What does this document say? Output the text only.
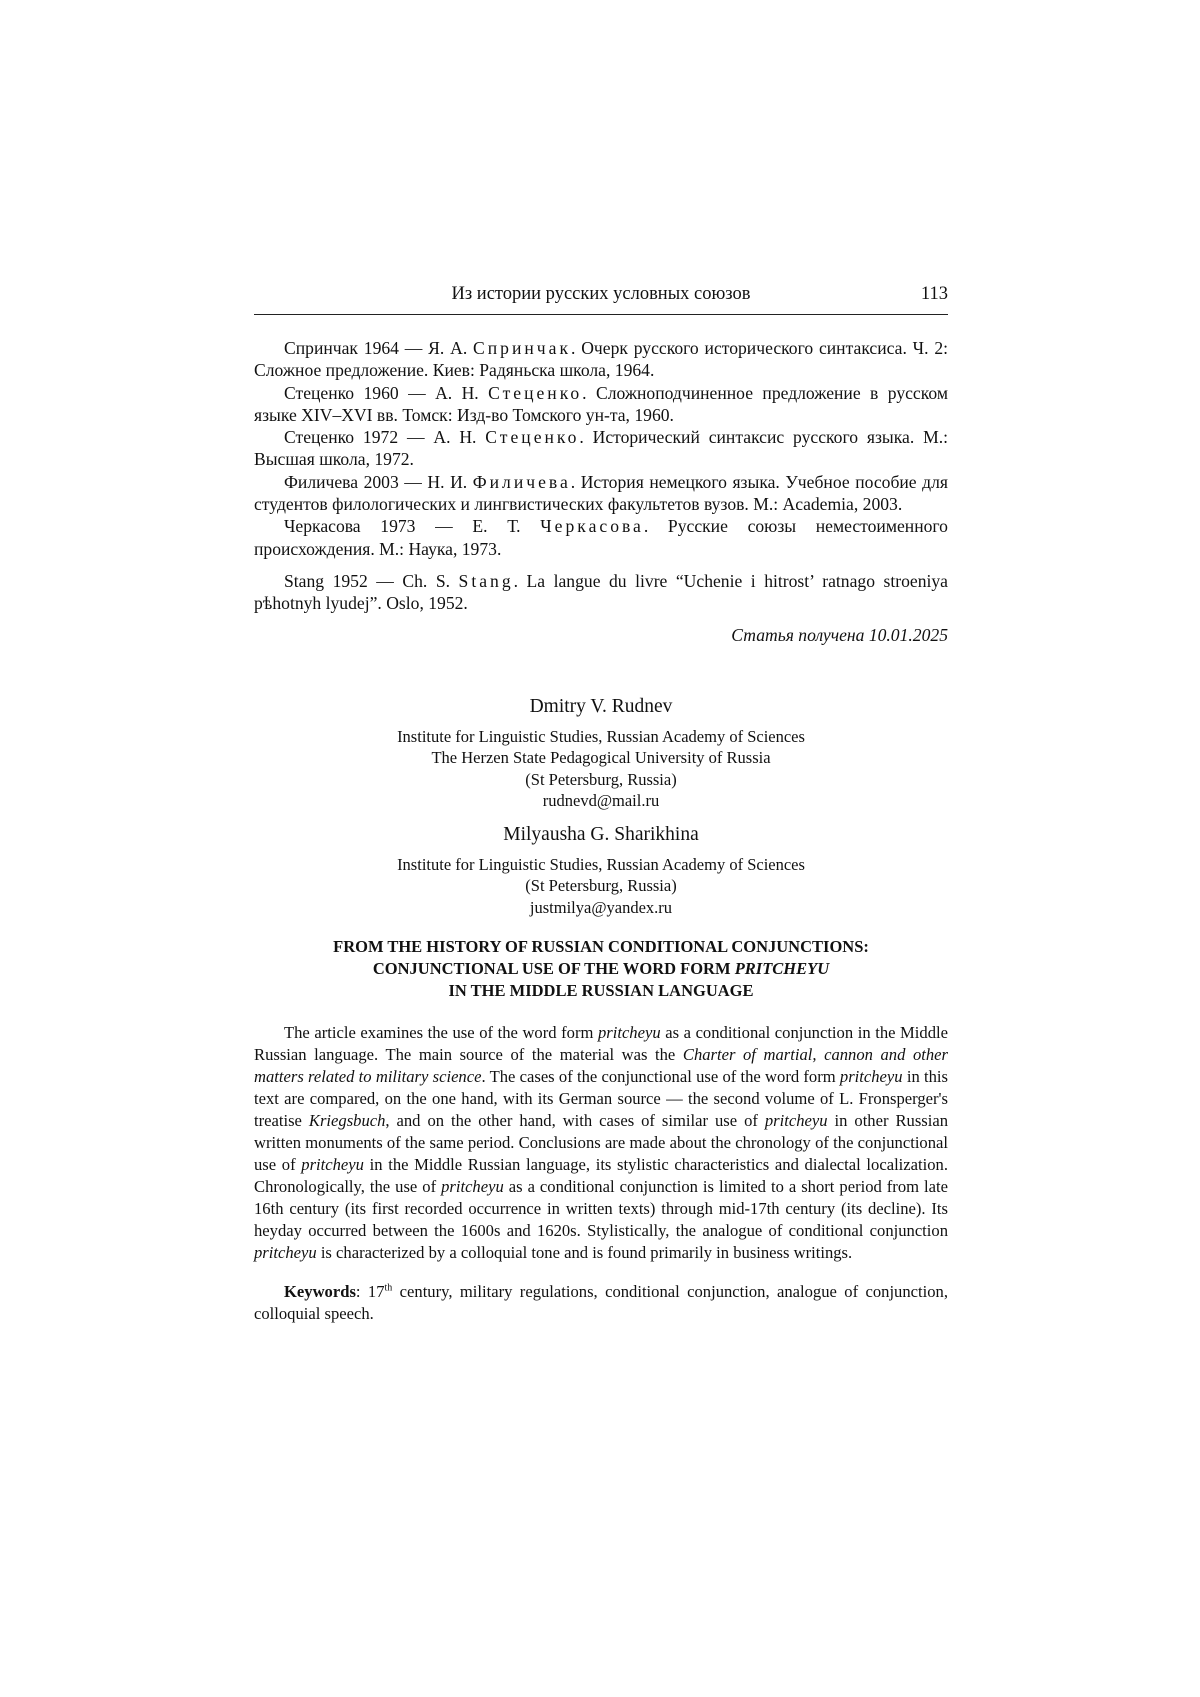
Из истории русских условных союзов	113

Спринчак 1964 — Я. А. Спринчак. Очерк русского исторического синтаксиса. Ч. 2: Сложное предложение. Киев: Радяньска школа, 1964.

Стеценко 1960 — А. Н. Стеценко. Сложноподчиненное предложение в русском языке XIV–XVI вв. Томск: Изд-во Томского ун-та, 1960.

Стеценко 1972 — А. Н. Стеценко. Исторический синтаксис русского языка. М.: Высшая школа, 1972.

Филичева 2003 — Н. И. Филичева. История немецкого языка. Учебное пособие для студентов филологических и лингвистических факультетов вузов. М.: Academia, 2003.

Черкасова 1973 — Е. Т. Черкасова. Русские союзы неместоименного происхождения. М.: Наука, 1973.

Stang 1952 — Ch. S. Stang. La langue du livre “Uchenie i hitrost’ ratnago stroeniya pѣhotnyh lyudej”. Oslo, 1952.

Статья получена 10.01.2025
Dmitry V. Rudnev
Institute for Linguistic Studies, Russian Academy of Sciences
The Herzen State Pedagogical University of Russia
(St Petersburg, Russia)
rudnevd@mail.ru
Milyausha G. Sharikhina
Institute for Linguistic Studies, Russian Academy of Sciences
(St Petersburg, Russia)
justmilya@yandex.ru
FROM THE HISTORY OF RUSSIAN CONDITIONAL CONJUNCTIONS:
CONJUNCTIONAL USE OF THE WORD FORM PRITCHEYU
IN THE MIDDLE RUSSIAN LANGUAGE

The article examines the use of the word form pritcheyu as a conditional conjunction in the Middle Russian language. The main source of the material was the Charter of martial, cannon and other matters related to military science. The cases of the conjunctional use of the word form pritcheyu in this text are compared, on the one hand, with its German source — the second volume of L. Fronsperger's treatise Kriegsbuch, and on the other hand, with cases of similar use of pritcheyu in other Russian written monuments of the same period. Conclusions are made about the chronology of the conjunctional use of pritcheyu in the Middle Russian language, its stylistic characteristics and dialectal localization. Chronologically, the use of pritcheyu as a conditional conjunction is limited to a short period from late 16th century (its first recorded occurrence in written texts) through mid-17th century (its decline). Its heyday occurred between the 1600s and 1620s. Stylistically, the analogue of conditional conjunction pritcheyu is characterized by a colloquial tone and is found primarily in business writings.

Keywords: 17th century, military regulations, conditional conjunction, analogue of conjunction, colloquial speech.
